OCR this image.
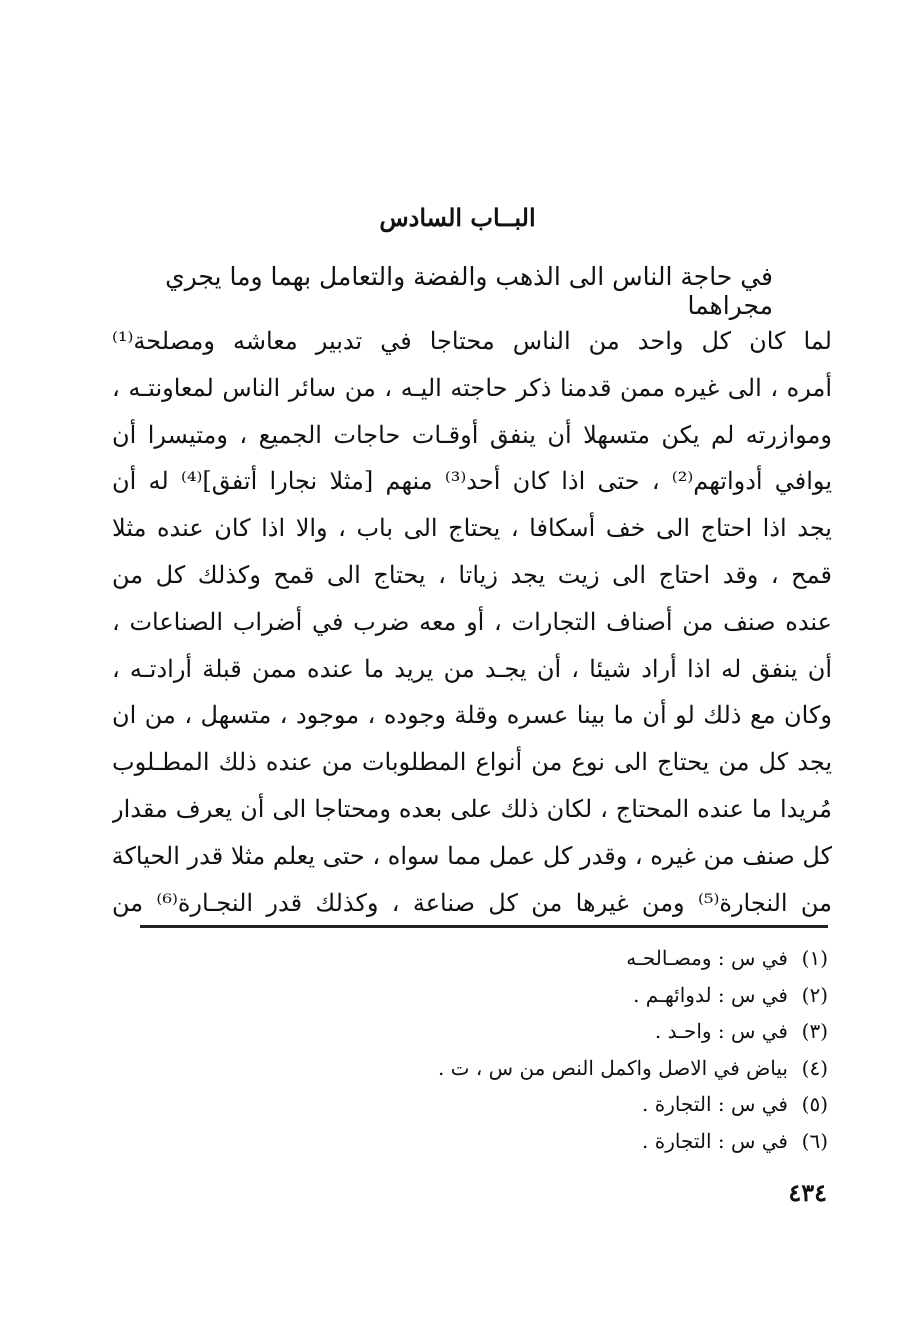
البــاب السادس
في حاجة الناس الى الذهب والفضة والتعامل بهما وما يجري مجراهما
لما كان كل واحد من الناس محتاجا في تدبير معاشه ومصلحة⁽¹⁾
أمره ، الى غيره ممن قدمنا ذكر حاجته اليـه ، من سائر الناس لمعاونتـه ،
وموازرته لم يكن متسهلا أن ينفق أوقـات حاجات الجميع ، ومتيسرا أن
يوافي أدواتهم⁽²⁾ ، حتى اذا كان أحد⁽³⁾ منهم [مثلا نجارا أتفق]⁽⁴⁾ له أن
يجد اذا احتاج الى خف أسكافا ، يحتاج الى باب ، والا اذا كان عنده مثلا
قمح ، وقد احتاج الى زيت يجد زياتا ، يحتاج الى قمح وكذلك كل من
عنده صنف من أصناف التجارات ، أو معه ضرب في أضراب الصناعات ،
أن ينفق له اذا أراد شيئا ، أن يجـد من يريد ما عنده ممن قبلة أرادتـه ،
وكان مع ذلك لو أن ما بينا عسره وقلة وجوده ، موجود ، متسهل ، من ان
يجد كل من يحتاج الى نوع من أنواع المطلوبات من عنده ذلك المطـلوب
مُريدا ما عنده المحتاج ، لكان ذلك على بعده ومحتاجا الى أن يعرف مقدار
كل صنف من غيره ، وقدر كل عمل مما سواه ، حتى يعلم مثلا قدر الحياكة
من النجارة⁽⁵⁾ ومن غيرها من كل صناعة ، وكذلك قدر النجـارة⁽⁶⁾ من
(١)
في س : ومصـالحـه
(٢)
في س : لدوائهـم .
(٣)
في س : واحـد .
(٤)
بياض في الاصل واكمل النص من س ، ت .
(٥)
في س : التجارة .
(٦)
في س : التجارة .
٤٣٤
